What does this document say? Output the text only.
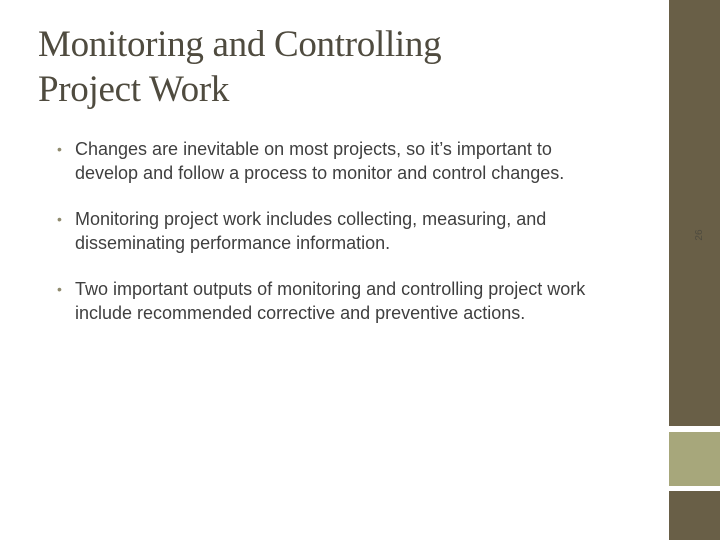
Monitoring and Controlling
Project Work
• Changes are inevitable on most projects, so it’s important to
develop and follow a process to monitor and control changes.
• Monitoring project work includes collecting, measuring, and
disseminating performance information.
• Two important outputs of monitoring and controlling project work
include recommended corrective and preventive actions.
26
